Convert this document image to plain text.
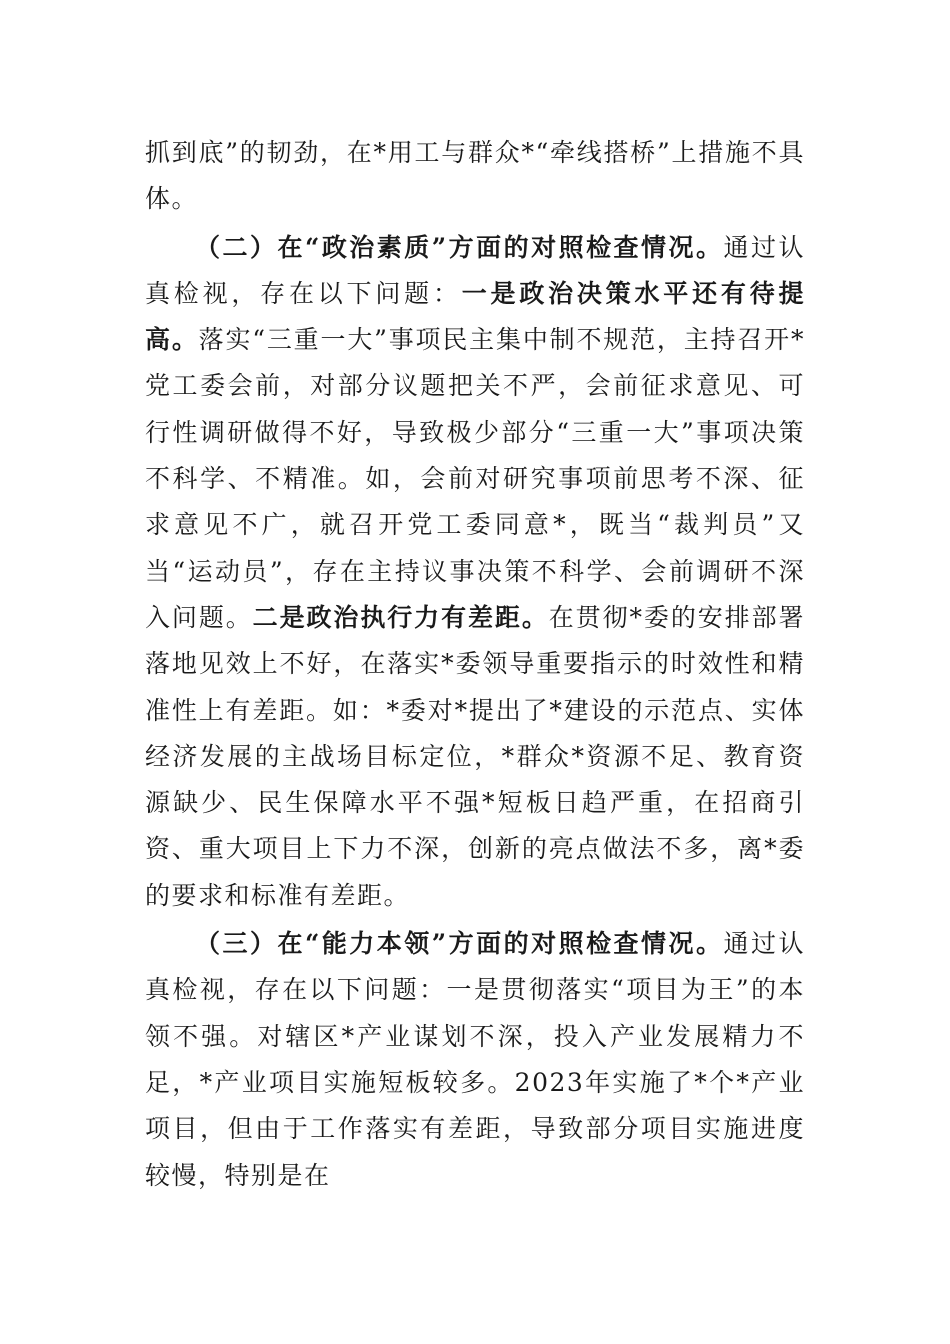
抓到底”的韧劲，在*用工与群众*“牵线搭桥”上措施不具体。

（二）在“政治素质”方面的对照检查情况。通过认真检视，存在以下问题：一是政治决策水平还有待提高。落实“三重一大”事项民主集中制不规范，主持召开*党工委会前，对部分议题把关不严，会前征求意见、可行性调研做得不好，导致极少部分“三重一大”事项决策不科学、不精准。如，会前对研究事项前思考不深、征求意见不广，就召开党工委同意*，既当“裁判员”又当“运动员”，存在主持议事决策不科学、会前调研不深入问题。二是政治执行力有差距。在贯彻*委的安排部署落地见效上不好，在落实*委领导重要指示的时效性和精准性上有差距。如：*委对*提出了*建设的示范点、实体经济发展的主战场目标定位，*群众*资源不足、教育资源缺少、民生保障水平不强*短板日趋严重，在招商引资、重大项目上下力不深，创新的亮点做法不多，离*委的要求和标准有差距。

（三）在“能力本领”方面的对照检查情况。通过认真检视，存在以下问题：一是贯彻落实“项目为王”的本领不强。对辖区*产业谋划不深，投入产业发展精力不足，*产业项目实施短板较多。2023年实施了*个*产业项目，但由于工作落实有差距，导致部分项目实施进度较慢，特别是在
